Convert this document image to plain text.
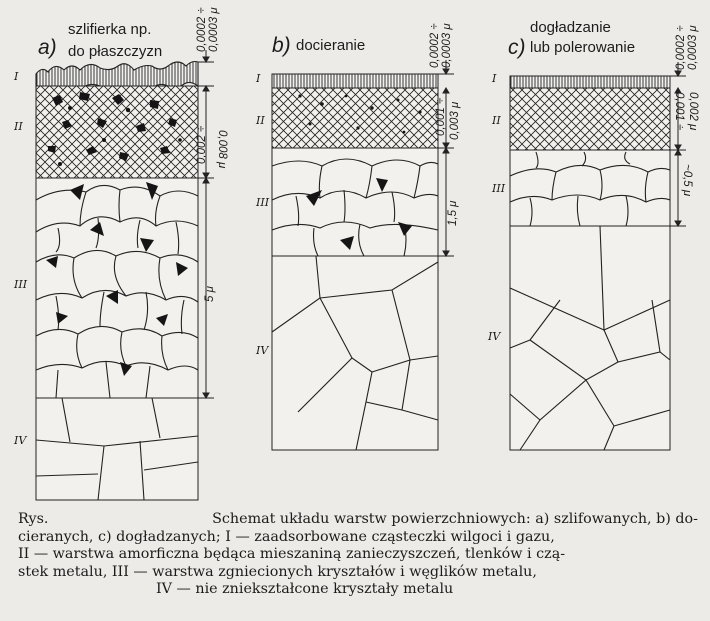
a)
szlifierka np.
do płaszczyzn
I
II
III
IV
0,0002 ÷ 0,0003 μ
0,002 ÷ 0,008 μ
5 μ
b) docieranie
I
II
III
IV
0,0002 ÷ 0,0003 μ
0,001 ÷ 0,003 μ
1,5 μ
c)
dogładzanie
lub polerowanie
I
II
III
IV
0,0002 ÷ 0,0003 μ
0,001 ÷ 0,002 μ
~0,5 μ
Rys.	Schemat układu warstw powierzchniowych: a) szlifowanych, b) do-
cieranych, c) dogładzanych; I — zaadsorbowane cząsteczki wilgoci i gazu,
II — warstwa amorficzna będąca mieszaniną zanieczyszczeń, tlenków i czą-
stek metalu, III — warstwa zgniecionych kryształów i węglików metalu,
IV — nie zniekształcone kryształy metalu
